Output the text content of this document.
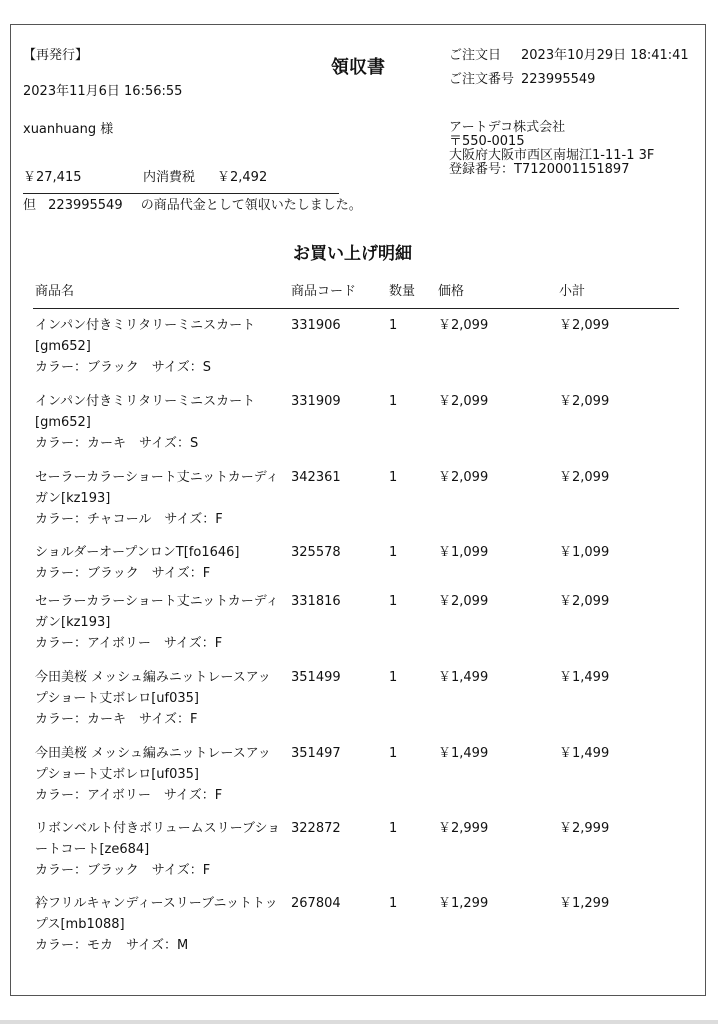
【再発行】
2023年11月6日 16:56:55
領収書
ご注文日 2023年10月29日 18:41:41
ご注文番号 223995549
xuanhuang 様	アートデコ株式会社
〒550-0015
大阪府大阪市西区南堀江1-11-1 3F
登録番号：T7120001151897
￥27,415	内消費税 ￥2,492
但 223995549 の商品代金として領収いたしました。
お買い上げ明細
商品名	商品コード	数量 価格	小計
インパン付きミリタリーミニスカート
[gm652]
カラー：ブラック　サイズ：S
331906	1	￥2,099	￥2,099
インパン付きミリタリーミニスカート
[gm652]
カラー：カーキ　サイズ：S
331909	1	￥2,099	￥2,099
セーラーカラーショート丈ニットカーディ
ガン[kz193]
カラー：チャコール　サイズ：F
342361	1	￥2,099	￥2,099
ショルダーオープンロンT[fo1646]
カラー：ブラック　サイズ：F
325578	1	￥1,099	￥1,099
セーラーカラーショート丈ニットカーディ
ガン[kz193]
カラー：アイボリー　サイズ：F
331816	1	￥2,099	￥2,099
今田美桜 メッシュ編みニットレースアッ
プショート丈ボレロ[uf035]
カラー：カーキ　サイズ：F
351499	1	￥1,499	￥1,499
今田美桜 メッシュ編みニットレースアッ
プショート丈ボレロ[uf035]
カラー：アイボリー　サイズ：F
351497	1	￥1,499	￥1,499
リボンベルト付きボリュームスリーブショ
ートコート[ze684]
カラー：ブラック　サイズ：F
322872	1	￥2,999	￥2,999
衿フリルキャンディースリーブニットトッ
プス[mb1088]
カラー：モカ　サイズ：M
267804	1	￥1,299	￥1,299
